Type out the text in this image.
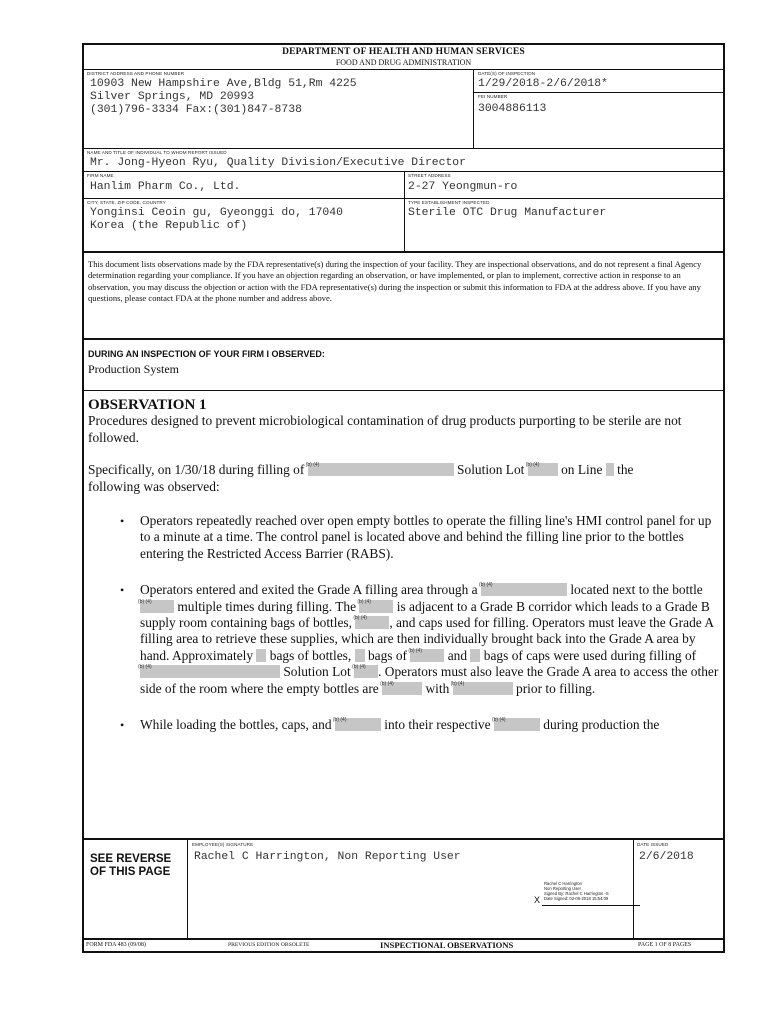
DEPARTMENT OF HEALTH AND HUMAN SERVICES
FOOD AND DRUG ADMINISTRATION
DISTRICT ADDRESS AND PHONE NUMBER
10903 New Hampshire Ave,Bldg 51,Rm 4225
Silver Springs, MD 20993
(301)796-3334 Fax:(301)847-8738
DATE(S) OF INSPECTION
1/29/2018-2/6/2018*
FEI NUMBER
3004886113
NAME AND TITLE OF INDIVIDUAL TO WHOM REPORT ISSUED
Mr. Jong-Hyeon Ryu, Quality Division/Executive Director
FIRM NAME
Hanlim Pharm Co., Ltd.
STREET ADDRESS
2-27 Yeongmun-ro
CITY, STATE, ZIP CODE, COUNTRY
Yonginsi Ceoin gu, Gyeonggi do, 17040
Korea (the Republic of)
TYPE ESTABLISHMENT INSPECTED
Sterile OTC Drug Manufacturer
This document lists observations made by the FDA representative(s) during the inspection of your facility. They are inspectional observations, and do not represent a final Agency determination regarding your compliance. If you have an objection regarding an observation, or have implemented, or plan to implement, corrective action in response to an observation, you may discuss the objection or action with the FDA representative(s) during the inspection or submit this information to FDA at the address above. If you have any questions, please contact FDA at the phone number and address above.
DURING AN INSPECTION OF YOUR FIRM I OBSERVED:
Production System
OBSERVATION 1
Procedures designed to prevent microbiological contamination of drug products purporting to be sterile are not followed.
Specifically, on 1/30/18 during filling of (b) (4)	Solution Lot (b) (4) on Line the
following was observed:
• Operators repeatedly reached over open empty bottles to operate the filling line's HMI control panel for up to a minute at a time. The control panel is located above and behind the filling line prior to the bottles entering the Restricted Access Barrier (RABS).
• Operators entered and exited the Grade A filling area through a (b) (4)	located next to the bottle
(b) (4) multiple times during filling. The (b) (4) is adjacent to a Grade B corridor which leads to a Grade B supply room containing bags of bottles, (b) (4) , and caps used for filling. Operators must leave the Grade A filling area to retrieve these supplies, which are then individually brought back into the Grade A area by hand. Approximately bags of bottles, bags of (b) (4) and bags of caps were used during filling of
(b) (4)	Solution Lot (b) (4) . Operators must also leave the Grade A area to access the other side of the room where the empty bottles are (b) (4) with (b) (4)	prior to filling.
• While loading the bottles, caps, and (b) (4)	into their respective (b) (4)	during production the
SEE REVERSE
OF THIS PAGE
EMPLOYEE(S) SIGNATURE
Rachel C Harrington, Non Reporting User
X
Rachel C Harrington
Non Reporting User
Signed By: Rachel C Harrington -S
Date Signed: 02-06-2018 15:54:09
DATE ISSUED
2/6/2018
FORM FDA 483 (09/08)	PREVIOUS EDITION OBSOLETE	INSPECTIONAL OBSERVATIONS	PAGE 1 OF 8 PAGES
